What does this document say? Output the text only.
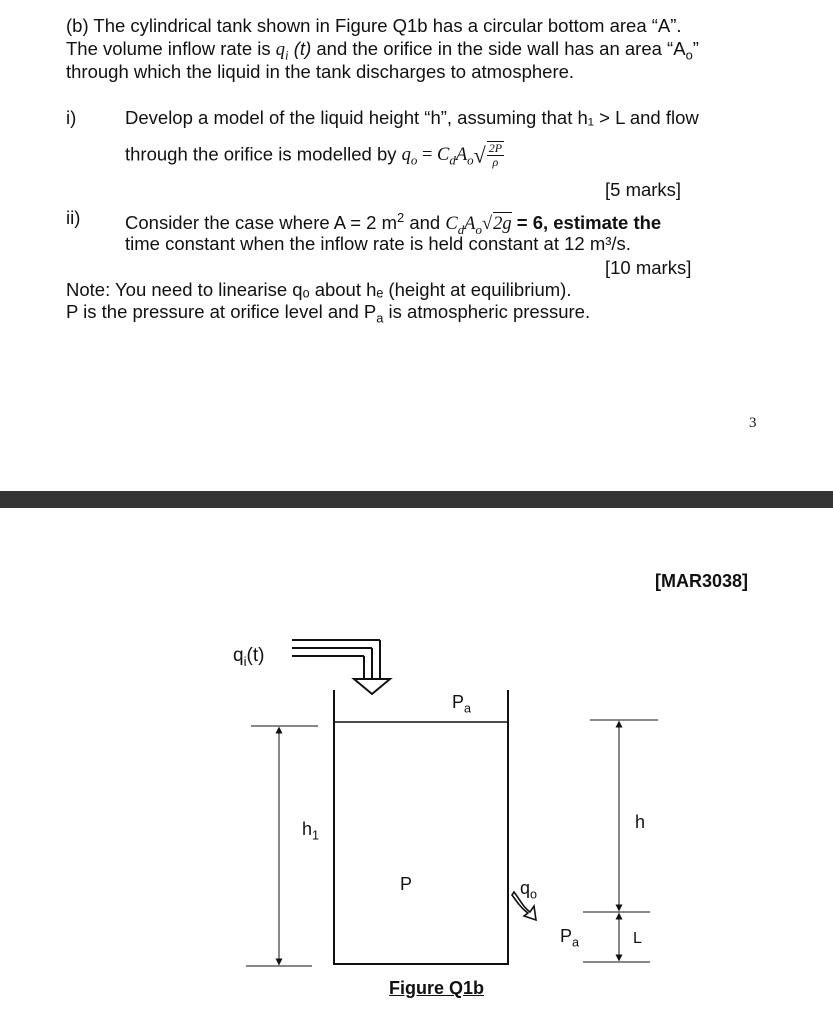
(b) The cylindrical tank shown in Figure Q1b has a circular bottom area “A”.
The volume inflow rate is $q_i$ (t) and the orifice in the side wall has an area “$A_o$”
through which the liquid in the tank discharges to atmosphere.
i)	Develop a model of the liquid height “h”, assuming that h₁ > L and flow
through the orifice is modelled by $q_o = C_dA_o√ \frac{2P}{\rho}$
[5 marks]
ii) Consider the case where A = 2 $m^2$ and $C_dA_o√2g = 6$, estimate the
time constant when the inflow rate is held constant at 12 m³/s.
[10 marks]
Note: You need to linearise qₒ about hₑ (height at equilibrium).
P is the pressure at orifice level and $P_a$ is atmospheric pressure.
3
[MAR3038]
$q_i(t)$
$P_a$
$h_1$
P	$q_o$
$P_a$
h
L
Figure Q1b
